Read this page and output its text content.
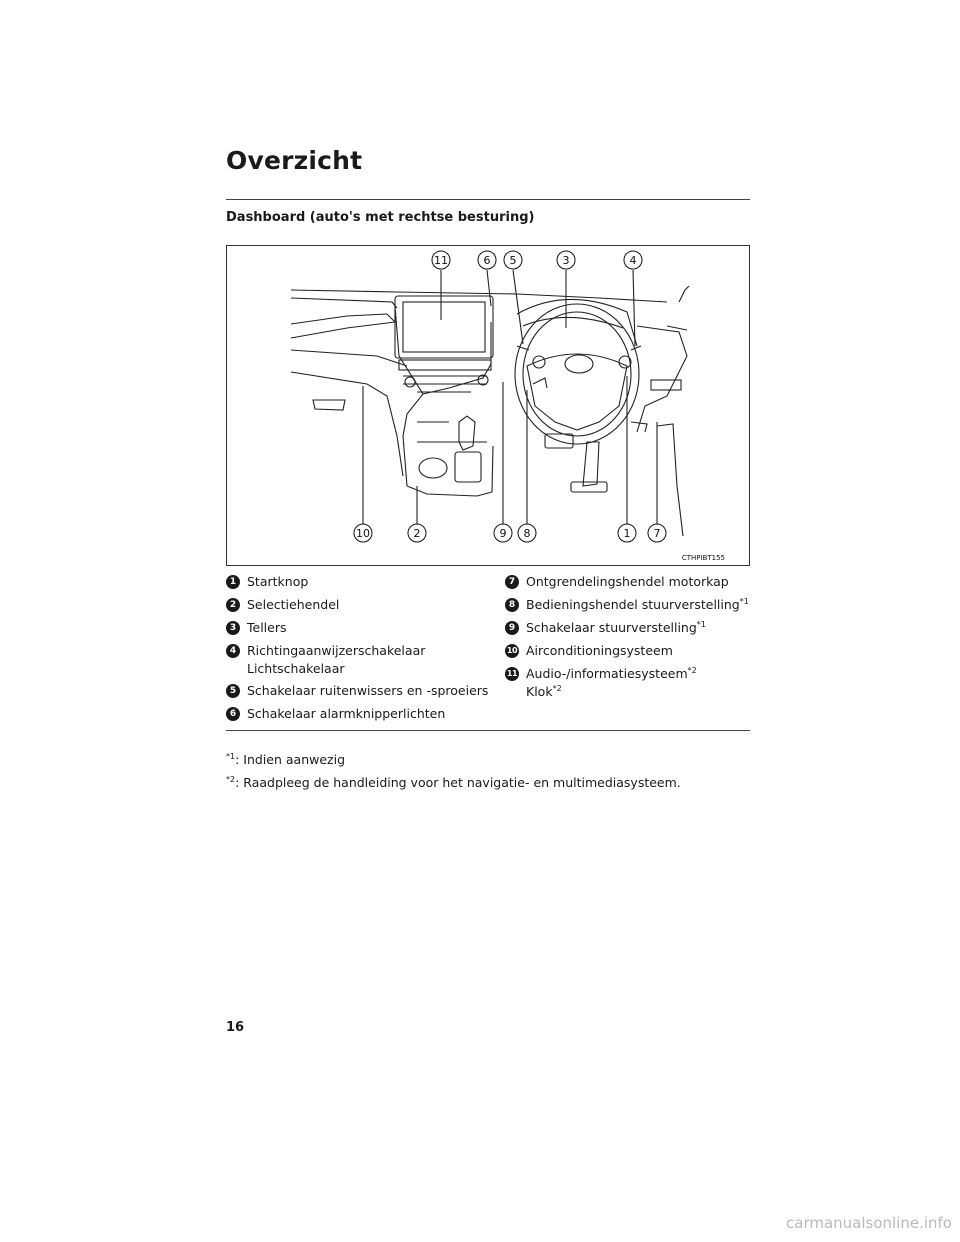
Overzicht
Dashboard (auto's met rechtse besturing)
11	6 5	3	4
10	2	9 8	1 7
CTHPIBT155
1 Startknop
2 Selectiehendel
3 Tellers
4 Richtingaanwijzerschakelaar
Lichtschakelaar
5 Schakelaar ruitenwissers en -sproeiers
6 Schakelaar alarmknipperlichten
7 Ontgrendelingshendel motorkap
8 Bedieningshendel stuurverstelling$^{*1}$
9 Schakelaar stuurverstelling$^{*1}$
10 Airconditioningsysteem
11 Audio-/informatiesysteem$^{*2}$
Klok$^{*2}$
$^{*1}$: Indien aanwezig
$^{*2}$: Raadpleeg de handleiding voor het navigatie- en multimediasysteem.
16
carmanualsonline.info
